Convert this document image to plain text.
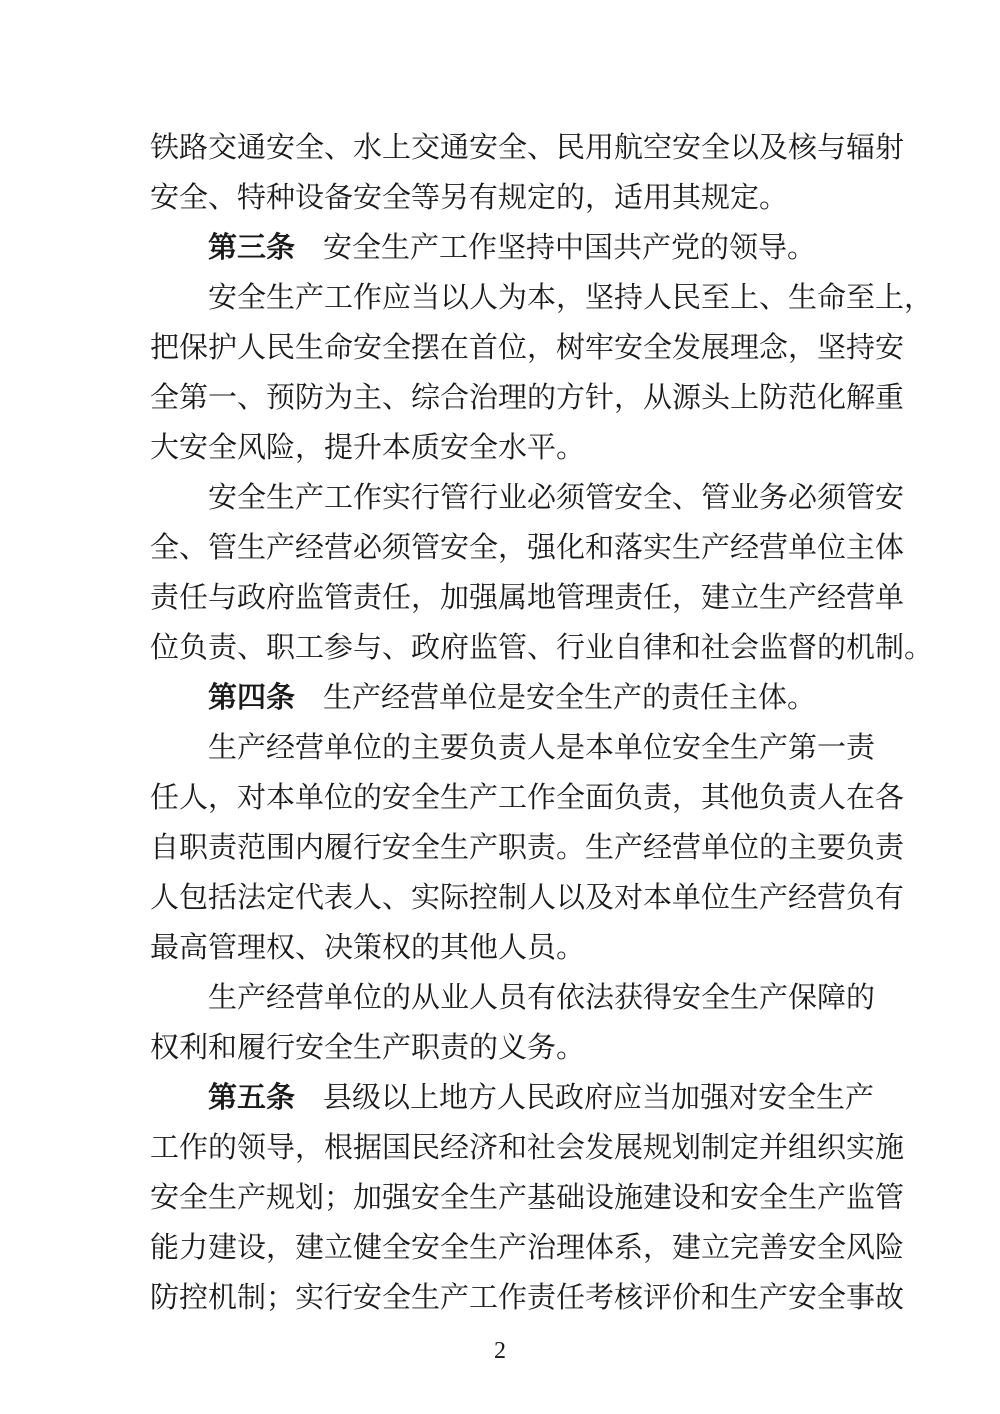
铁路交通安全、水上交通安全、民用航空安全以及核与辐射
安全、特种设备安全等另有规定的，适用其规定。
第三条 安全生产工作坚持中国共产党的领导。
安全生产工作应当以人为本，坚持人民至上、生命至上，
把保护人民生命安全摆在首位，树牢安全发展理念，坚持安
全第一、预防为主、综合治理的方针，从源头上防范化解重
大安全风险，提升本质安全水平。
安全生产工作实行管行业必须管安全、管业务必须管安
全、管生产经营必须管安全，强化和落实生产经营单位主体
责任与政府监管责任，加强属地管理责任，建立生产经营单
位负责、职工参与、政府监管、行业自律和社会监督的机制。
第四条 生产经营单位是安全生产的责任主体。
生产经营单位的主要负责人是本单位安全生产第一责
任人，对本单位的安全生产工作全面负责，其他负责人在各
自职责范围内履行安全生产职责。生产经营单位的主要负责
人包括法定代表人、实际控制人以及对本单位生产经营负有
最高管理权、决策权的其他人员。
生产经营单位的从业人员有依法获得安全生产保障的
权利和履行安全生产职责的义务。
第五条 县级以上地方人民政府应当加强对安全生产
工作的领导，根据国民经济和社会发展规划制定并组织实施
安全生产规划；加强安全生产基础设施建设和安全生产监管
能力建设，建立健全安全生产治理体系，建立完善安全风险
防控机制；实行安全生产工作责任考核评价和生产安全事故
2
